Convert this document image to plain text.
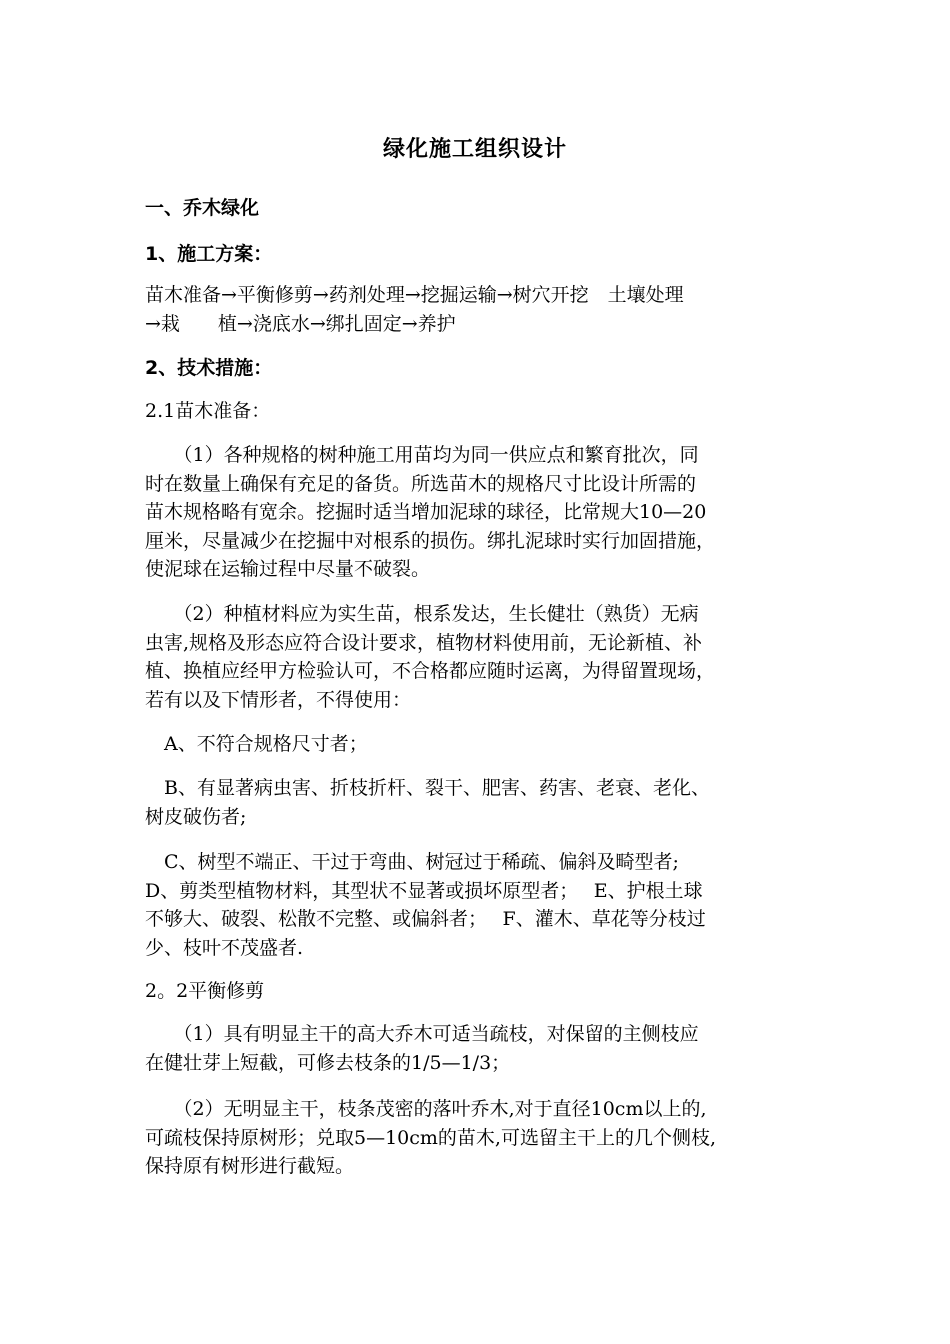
绿化施工组织设计
一、乔木绿化
1、施工方案：
苗木准备→平衡修剪→药剂处理→挖掘运输→树穴开挖　土壤处理
→栽　　植→浇底水→绑扎固定→养护
2、技术措施：
2.1苗木准备：
　　（1）各种规格的树种施工用苗均为同一供应点和繁育批次，同
时在数量上确保有充足的备货。所选苗木的规格尺寸比设计所需的
苗木规格略有宽余。挖掘时适当增加泥球的球径，比常规大10—20
厘米，尽量减少在挖掘中对根系的损伤。绑扎泥球时实行加固措施，
使泥球在运输过程中尽量不破裂。
　　（2）种植材料应为实生苗，根系发达，生长健壮（熟货）无病
虫害,规格及形态应符合设计要求，植物材料使用前，无论新植、补
植、换植应经甲方检验认可，不合格都应随时运离，为得留置现场，
若有以及下情形者，不得使用：
　A、不符合规格尺寸者；
　B、有显著病虫害、折枝折杆、裂干、肥害、药害、老衰、老化、
树皮破伤者;
　C、树型不端正、干过于弯曲、树冠过于稀疏、偏斜及畸型者;
D、剪类型植物材料，其型状不显著或损坏原型者；　 E、护根土球
不够大、破裂、松散不完整、或偏斜者；　 F、灌木、草花等分枝过
少、枝叶不茂盛者.
2。2平衡修剪
　　（1）具有明显主干的高大乔木可适当疏枝，对保留的主侧枝应
在健壮芽上短截，可修去枝条的1/5—1/3；
　　（2）无明显主干，枝条茂密的落叶乔木,对于直径10cm以上的,
可疏枝保持原树形；兑取5—10cm的苗木,可选留主干上的几个侧枝,
保持原有树形进行截短。
